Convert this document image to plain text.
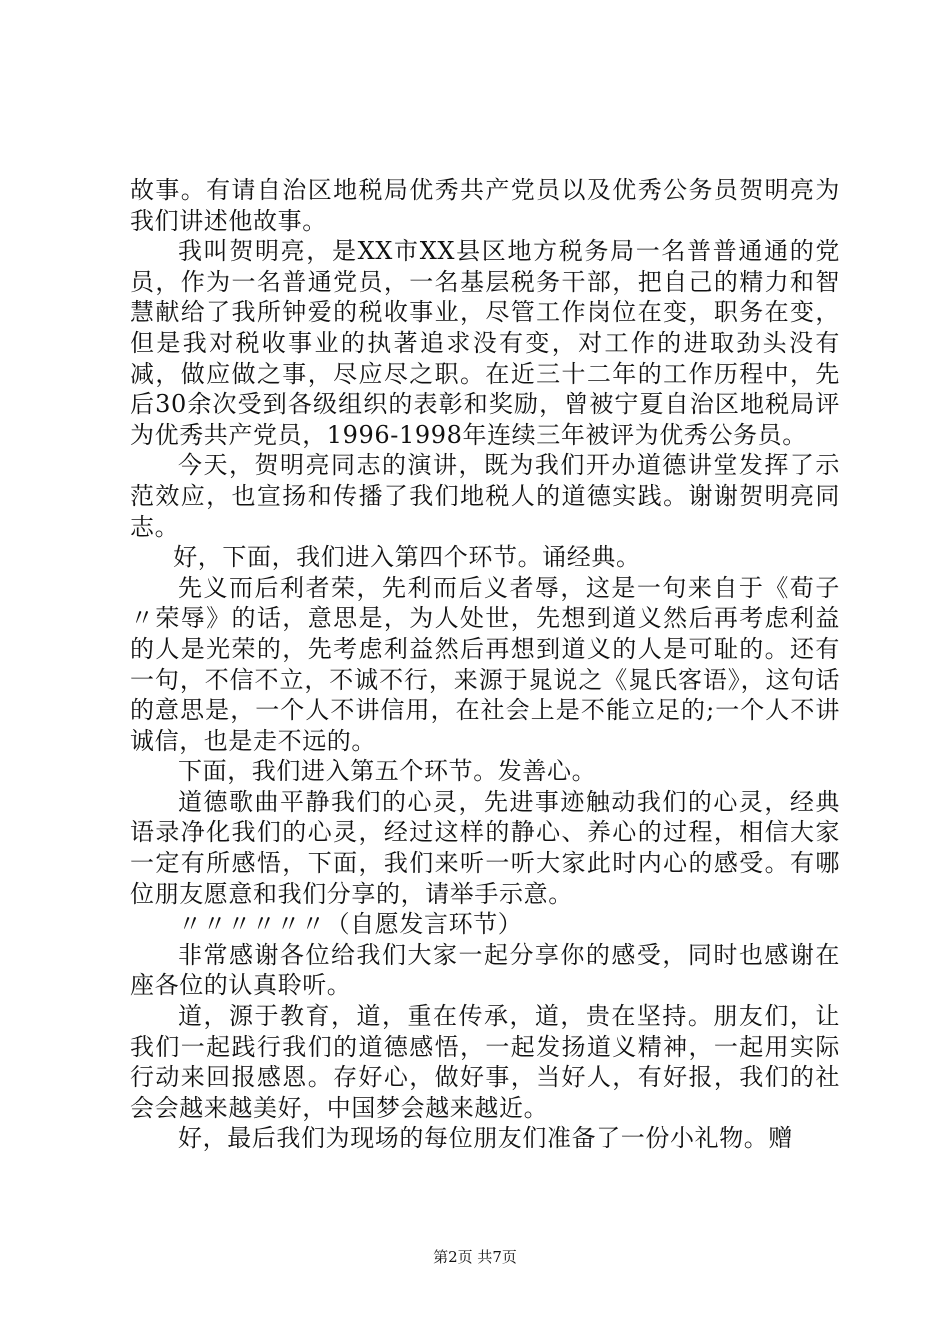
故事。有请自治区地税局优秀共产党员以及优秀公务员贺明亮为我们讲述他故事。

我叫贺明亮，是XX市XX县区地方税务局一名普普通通的党员，作为一名普通党员，一名基层税务干部，把自己的精力和智慧献给了我所钟爱的税收事业，尽管工作岗位在变，职务在变，但是我对税收事业的执著追求没有变，对工作的进取劲头没有减，做应做之事，尽应尽之职。在近三十二年的工作历程中，先后30余次受到各级组织的表彰和奖励，曾被宁夏自治区地税局评为优秀共产党员，1996-1998年连续三年被评为优秀公务员。

今天，贺明亮同志的演讲，既为我们开办道德讲堂发挥了示范效应，也宣扬和传播了我们地税人的道德实践。谢谢贺明亮同志。

好，下面，我们进入第四个环节。诵经典。

先义而后利者荣，先利而后义者辱，这是一句来自于《荀子〃荣辱》的话，意思是，为人处世，先想到道义然后再考虑利益的人是光荣的，先考虑利益然后再想到道义的人是可耻的。还有一句，不信不立，不诚不行，来源于晁说之《晁氏客语》，这句话的意思是，一个人不讲信用，在社会上是不能立足的;一个人不讲诚信，也是走不远的。

下面，我们进入第五个环节。发善心。

道德歌曲平静我们的心灵，先进事迹触动我们的心灵，经典语录净化我们的心灵，经过这样的静心、养心的过程，相信大家一定有所感悟，下面，我们来听一听大家此时内心的感受。有哪位朋友愿意和我们分享的，请举手示意。

〃〃〃〃〃〃（自愿发言环节）

非常感谢各位给我们大家一起分享你的感受，同时也感谢在座各位的认真聆听。

道，源于教育，道，重在传承，道，贵在坚持。朋友们，让我们一起践行我们的道德感悟，一起发扬道义精神，一起用实际行动来回报感恩。存好心，做好事，当好人，有好报，我们的社会会越来越美好，中国梦会越来越近。

好，最后我们为现场的每位朋友们准备了一份小礼物。赠

第2页 共7页
